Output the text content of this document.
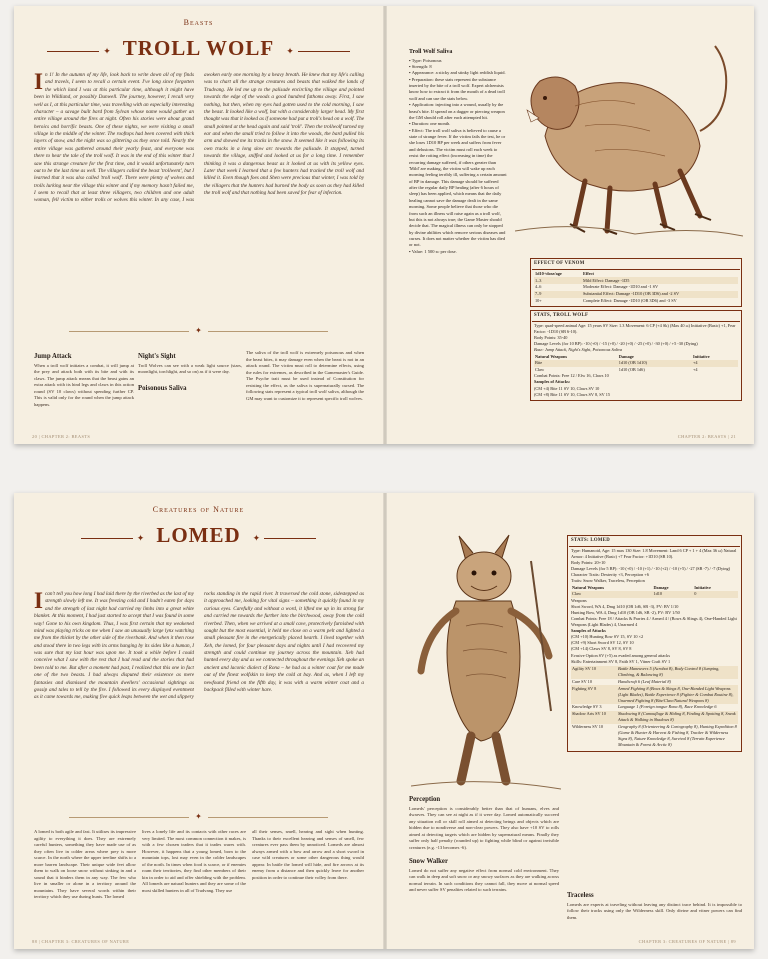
Beasts
✦ TROLL WOLF ✦
I n 1! In the autumn of my life, look back to write down all of my finds and travels, I seem to recall a certain event. I've long since forgotten the which land I was at this particular time, although it might have been in Wildland, or possibly Dunwell. The journey, however, I recall very well as I, at this particular time, was travelling with an especially interesting character – a savage built bard from Sylvan whose name would gather an entire village around the fires at night. Often his stories were about grand heroics and horrific beasts. One of these nights, we were visiting a small village in the middle of the winter. The rooftops had been covered with thick layers of snow, and the night was so glittering as they once told. Nearly the entire village was gathered around their yearly feast, and everyone was there to hear the tale of the troll wolf. It was in the end of this winter that I saw this strange creature for the first time, and it would unfortunately turn out to be the last time as well. The villagers called the beast 'trollwent', but I learned that it was also called 'troll wolf'. There were plenty of wolves and trolls lurking near the village this winter and if my memory hasn't failed me, I seem to recall that at least three villagers, two children and one adult woman, fell victim to either trolls or wolves this winter. In any case, I was awoken early one morning by a heavy breath. He knew that my life's calling was to chart all the strange creatures and beasts that walked the lands of Trudvang. He led me up to the palisade encircling the village and pointed towards the edge of the woods a good hundred fathoms away. First, I saw nothing, but then, when my eyes had gotten used to the cold morning, I saw the beast. It looked like a wolf, but with a considerably larger head. My first thought was that it looked as if someone had put a troll's head on a wolf. The small pointed at the head again and said 'troll'. Then the trollwolf turned my ear and when the small tried to follow it into the woods, the bard pulled his arm and showed me its tracks in the snow. It seemed like it was following its own tracks in a long slow arc towards the palisade. It stopped, turned towards the village, sniffed and looked at us for a long time. I remember thinking it was a dangerous beast as it looked at us with its yellow eyes. Later that week I learned that a few hunters had tracked the troll wolf and killed it. Even though foes and Shen were precious that winter, I was told by the villagers that the hunters had burned the body as soon as they had killed the troll wolf and that nothing had been saved for fear of infection.
✦
Jump Attack
When a troll wolf initiates a combat, it will jump at the prey and attack both with its bite and with its claws. The jump attack means that the beast gains an extra attack with its hind legs and claws in this action round (SV 10 claws) without spending further CP. This is valid only for the round when the jump attack happens.
Night's Sight
Troll Wolves can see with a weak light source (stars, moonlight, torchlight, and so on) as if it were day.
Poisonous Saliva
The saliva of the troll wolf is extremely poisonous and when the beast bites, it may damage even when the beast is not in an attack round. The victim must roll to determine effects, using the rules for extremes, as described in the Gamemaster's Guide. The Psyche trait must be used instead of Constitution for resisting the effect, as the saliva is supernaturally cursed. The following stats represent a typical troll wolf saliva, although the GM may want to customize it to represent specific troll wolves.
20 | CHAPTER 2: BEASTS
Troll Wolf Saliva
• Type: Poisonous
• Strength: 8
• Appearance: a sticky and stinky light reddish liquid.
• Preparation: these stats represent the substance inserted by the bite of a troll wolf. Expert alchemists know how to extract it from the mouth of a dead troll wolf and can use the stats below.
• Application: injecting into a wound, usually by the beast's bite. If spread on a dagger or piercing weapon the GM should roll after each attempted hit.
• Duration: one month.
• Effect: The troll wolf saliva is believed to cause a state of strange fever. If the victim fails the test, he or she loses 1D10 BP per week and suffers from fever and delusions. The victim must roll each week to resist the rotting effect (increasing in time) the recurring damage suffered, if others greater than 'Mild' are making, the victim will wake up each morning feeling terribly ill, suffering a certain amount of BP in damage. This damage should be suffered after the regular daily BP healing (after 6 hours of sleep) has been applied, which means that the daily healing cannot save the damage dealt in the same morning. Some people believe that those who die from such an illness will raise again as a troll wolf, but this is not always true; the Game Master should decide that. The magical illness can only be stopped by divine abilities which remove serious diseases and curses. It does not matter whether the victim has died or not.
• Value: 1 500 sc per dose.
EFFECT OF VENOM
1d10+dose/age	Effect
1–3	Mild Effect: Damage -1D5
4–6	Moderate Effect: Damage -1D10 and -1 SV
7–9	Substantial Effect: Damage -1D10 (OB 3D6) and -2 SV
10+	Complete Effect: Damage -1D10 (OB 3D6) and -3 SV
STATS, TROLL WOLF
Type: quad-speed animal Age: 15 years SV Size: 1.3 Movement: 6 CP (+4 Sk) (Max 40 ω) Initiative (Basic) +1, Fear Factor: -1D10 (SB 6-10).
Body Points: 35-40
Damage Levels (for 10 BP): -10 (+0) / -15 (+0) / -20 (+0) / -25 (+0) / -30 (+0) / +5 -30 (Dying)
Base: Jump Attack, Night's Sight, Poisonous Saliva
Natural Weapons	Damage	Initiative
Bite	1d10 (OB 1d10)	+4
Claw	1d10 (OB 1d6)	+4
Combat Points: Free 12 / Efw 16, Claws 10
Samples of Attacks:
(CM +4) Bite 11 SV 10, Claws SV 10
(CM +8) Bite 11 SV 10, Claws SV 8, SV 15
CHAPTER 2: BEASTS | 21
Creatures of Nature
✦ LOMED ✦
I can't tell you how long I had laid there by the riverbed as the last of my strength slowly left me. It was freezing cold and I hadn't eaten for days and the strength of last night had carried my limbs into a great white blanket. At this moment, I had just started to accept that I was found in some way! Gone to his own kingdom. Thus, I was first certain that my weakened mind was playing tricks on me when I saw an unusually large lynx watching me from the thicket by the other side of the riverbank. And when it then rose and stood there in two legs with its arms hanging by its sides like a human, I was sure that my last hour was upon me. It took a while before I could conceive what I saw with the rest that I had read and the stories that had been told to me. But after a moment had past, I realized that this one in fact one of the two beasts. I had always disputed their existence as mere fantasies and dismissed the mountain dwellers' occasional sightings as gossip and tales to tell by the fire. I followed its every displayed eventment as it came towards me, making five quick leaps between the wet and slippery rocks standing in the rapid river. It traversed the cold stone, sidestepped as it approached me, looking for vital signs – something it quickly found in my curious eyes. Carefully and without a word, it lifted me up in its strong fur and carried me towards the further into the birchwood, away from the cold riverbed. Then, when we arrived at a small cave, protectively furnished with sought but the most essential, it held me close on a warm pelt and lighted a small pleasant fire in the energetically placed hearth. I lived together with Xeh, the lomed, for four pleasant days and nights until I had recovered my strength and could continue my journey across the mountain. Xeh had hunted every day and as we connected throughout the evenings Xeh spoke an ancient and laconic dialect of Rona – he had as a winter coat for me made out of the finest wolfskin to keep the cold at bay. And as, when I left my newfound friend on the fifth day, it was with a warm winter coat and a backpack filled with winter hare.
✦
A lomed is both agile and fast. It utilises its impressive agility to everything it does. They are extremely careful hunters, something they have made use of as they often live in colder areas where prey is more scarce. In the north where the upper treeline shifts to a more barren landscape. Their unique wide feet allow them to walk on loose snow without sinking in and a sound that it hinders them in any way. The few who live in smaller or alone in a territory around the mountains. They have several words within their territory which they use during hunts. The lomed
lives a lonely life and its contacts with other races are very limited. The most common connection it makes, is with a few chosen traders that it trades wares with. However, it happens that a young lomed, born to the mountain tops, lost may even in the colder landscapes of the north. In times when food is scarce, or if enemies roam their territories, they find other members of their kin in order to aid and offer shielding with the problem. All lomeds are natural hunters and they are some of the most skilled hunters in all of Trudvang. They use
all their senses, smell, hearing and sight when hunting. Thanks to their excellent hearing and senses of smell, few creatures ever pass them by unnoticed. Lomeds are almost always armed with a bow and arrow and a short sword in case wild creatures or some other dangerous thing would appear. In battle the lomed will hide, and fire arrows at its enemy from a distance and then quickly leave for another position in order to continue their volley from there.
88 | CHAPTER 3: CREATURES OF NATURE
Perception
Lomeds' perception is considerably better than that of humans, elves and dwarves. They can see at night as if it were day. Lomed automatically succeed any situation roll or skill roll aimed at detecting beings and objects which are hidden due to nondiverse and non-clear powers. They also have +10 SV to rolls aimed at detecting targets which are hidden by supernatural means. Finally they suffer only half penalty (rounded up) to fighting while blind or against invisible creatures (e.g. -13 becomes -6).
Snow Walker
Lomed do not suffer any negative effect from normal cold environment. They can walk in deep and soft snow or any snowy surfaces as they are walking across normal terrain. In such conditions they cannot fall, they move at normal speed and never suffer SV penalties related to such terrains.
STATS: LOMED
Type: Humanoid, Age: 15 max 130 Size: 1.8 Movement: Land 6 CP + 1 + 4 (Max 36 ω) Natural Armor: 4 Initiative (Basic) +7 Fear Factor: +1D10 (SB 10).
Body Points: 20+10
Damage Levels (for 5 BP): -10 (+0) / -10 (+1) / -10 (+2) / -10 (+5) / -27 (SB -7) / -7 (Dying)
Character Traits: Dexterity +3, Perception +6
Traits: Snow Walker, Traceless, Perception
Natural Weapons	Damage	Initiative
Claw	1d10	0
Weapons
Short Sword, WA 4, Dmg 1d10 (OB 1d6, SB -3), FV: BV 1/10
Hunting Bow, WA 4, Dmg 1d10 (OB 1d6, SB -2), FV: BV 1/50
Combat Points: Free 18 / Attacks & Parries 4 / Armed 4 / (Bows & Slings 4), One-Handed Light Weapons (Light Blades) 4, Unarmed 4
Samples of Attacks
(CM +10) Hunting Bow SV 15, SV 10 ×2
(CM +9) Short Sword SV 12, SV 10
(CM +14) Claws SV 8, SV 8, SV 8
Evasive Option SV (+5) as evaded among general attacks
Skills: Entertainment SV 8, Faith SV 1, Vitner Craft SV 1
Agility SV 10	Battle Maneuvers 5 (Acrobat 8), Body Control 8 (Jumping, Climbing, & Balancing 8)
Care SV 10	Handicraft 6 (Leaf Material 8)
Fighting SV 8	Armed Fighting 8 (Bows & Slings 8, One-Handed Light Weapons (Light Blades), Battle Experience 8 (Fighter & Combat Routine 8), Unarmed Fighting 8 (Bite/Claw/Natural Weapons 8)
Knowledge SV 3	Language 1 (Foreign tongue Rona 8), Race Knowledge 6
Shadow Arts SV 10	Shadowing 8 (Camouflage & Hiding 8, Finding & Spotting 8, Sneak Attack & Walking in Shadows 8)
Wilderness SV 10	Geography 8 (Orienteering & Cartography 8), Hunting Expedition 8 (Game & Hunter & Harvest & Fishing 8, Tracker & Wilderness Signs 8), Nature Knowledge 8, Survival 8 (Terrain Experience Mountain & Forest & Arctic 8)
Traceless
Lomeds are experts at traveling without leaving any distinct trace behind. It is impossible to follow their tracks using only the Wilderness skill. Only divine and vitner powers can find them.
CHAPTER 3: CREATURES OF NATURE | 89
